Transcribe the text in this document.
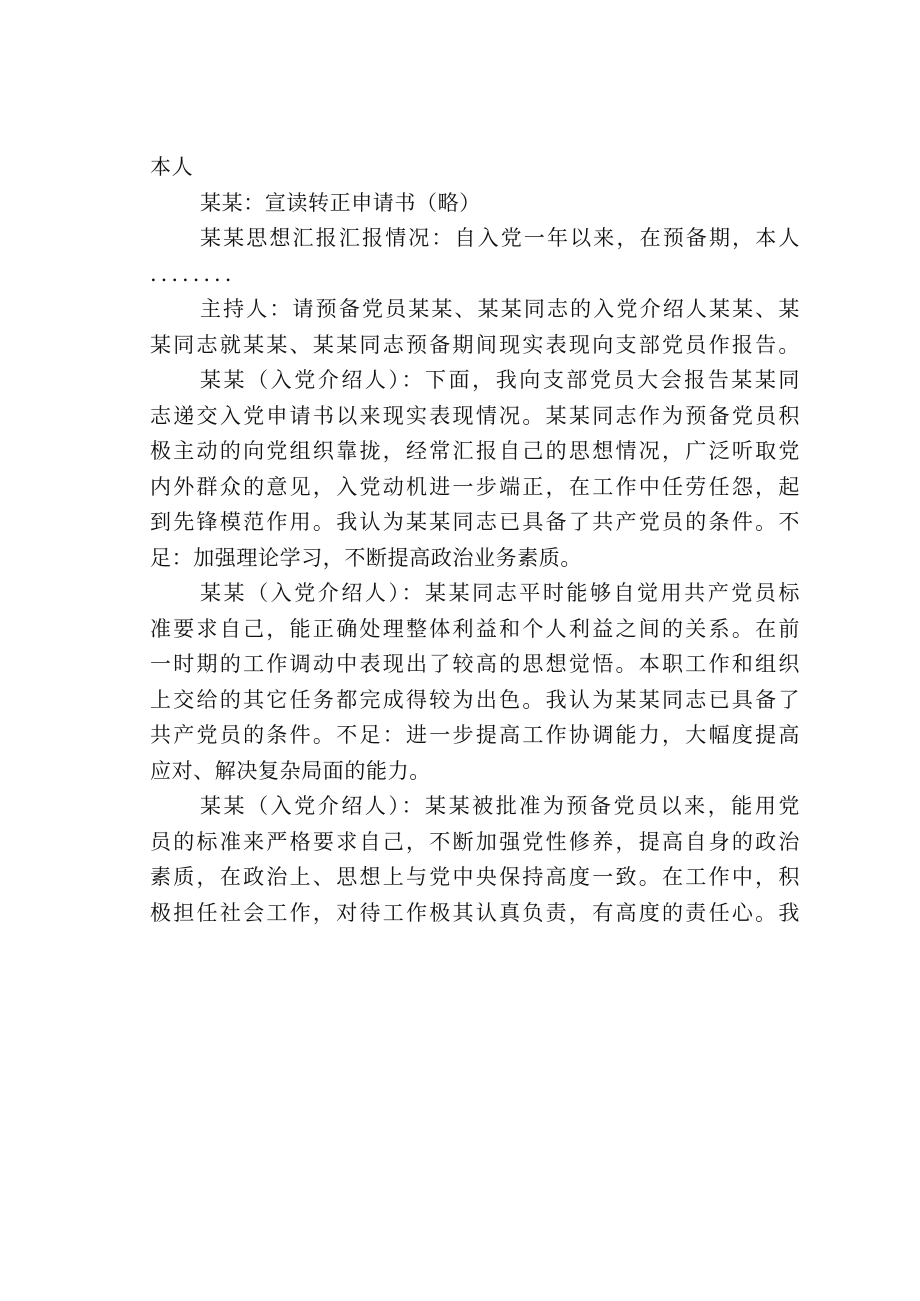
本人
某某：宣读转正申请书（略）
某某思想汇报汇报情况：自入党一年以来，在预备期，本人
........
主持人：请预备党员某某、某某同志的入党介绍人某某、某
某同志就某某、某某同志预备期间现实表现向支部党员作报告。
某某（入党介绍人）：下面，我向支部党员大会报告某某同
志递交入党申请书以来现实表现情况。某某同志作为预备党员积
极主动的向党组织靠拢，经常汇报自己的思想情况，广泛听取党
内外群众的意见，入党动机进一步端正，在工作中任劳任怨，起
到先锋模范作用。我认为某某同志已具备了共产党员的条件。不
足：加强理论学习，不断提高政治业务素质。
某某（入党介绍人）：某某同志平时能够自觉用共产党员标
准要求自己，能正确处理整体利益和个人利益之间的关系。在前
一时期的工作调动中表现出了较高的思想觉悟。本职工作和组织
上交给的其它任务都完成得较为出色。我认为某某同志已具备了
共产党员的条件。不足：进一步提高工作协调能力，大幅度提高
应对、解决复杂局面的能力。
某某（入党介绍人）：某某被批准为预备党员以来，能用党
员的标准来严格要求自己，不断加强党性修养，提高自身的政治
素质，在政治上、思想上与党中央保持高度一致。在工作中，积
极担任社会工作，对待工作极其认真负责，有高度的责任心。我
